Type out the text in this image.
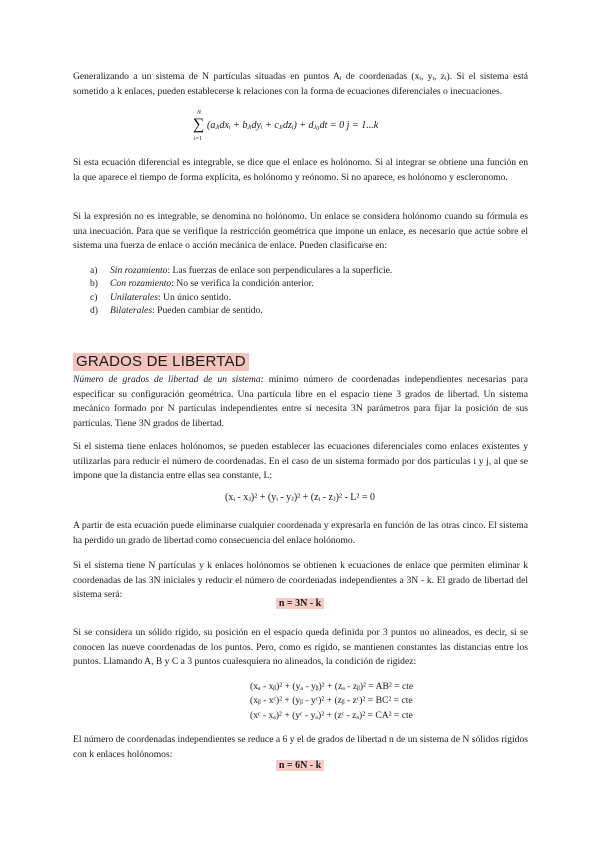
Generalizando a un sistema de N partículas situadas en puntos Aᵢ de coordenadas (xᵢ, yᵢ, zᵢ). Si el sistema está sometido a k enlaces, pueden establecerse k relaciones con la forma de ecuaciones diferenciales o inecuaciones.

N
∑
i=1
(aⱼᵢdxᵢ + bⱼᵢdyᵢ + cⱼᵢdzᵢ) + dⱼ₀dt = 0 j = 1...k

Si esta ecuación diferencial es integrable, se dice que el enlace es holónomo. Si al integrar se obtiene una función en la que aparece el tiempo de forma explícita, es holónomo y reónomo. Si no aparece, es holónomo y escleronomo.

Si la expresión no es integrable, se denomina no holónomo. Un enlace se considera holónomo cuando su fórmula es una inecuación. Para que se verifique la restricción geométrica que impone un enlace, es necesario que actúe sobre el sistema una fuerza de enlace o acción mecánica de enlace. Pueden clasificarse en:

a) Sin rozamiento: Las fuerzas de enlace son perpendiculares a la superficie.
b) Con rozamiento: No se verifica la condición anterior.
c) Unilaterales: Un único sentido.
d) Bilaterales: Pueden cambiar de sentido.
GRADOS DE LIBERTAD

Número de grados de libertad de un sistema: mínimo número de coordenadas independientes necesarias para especificar su configuración geométrica. Una partícula libre en el espacio tiene 3 grados de libertad. Un sistema mecánico formado por N partículas independientes entre sí necesita 3N parámetros para fijar la posición de sus partículas. Tiene 3N grados de libertad.

Si el sistema tiene enlaces holónomos, se pueden establecer las ecuaciones diferenciales como enlaces existentes y utilizarlas para reducir el número de coordenadas. En el caso de un sistema formado por dos partículas i y j, al que se impone que la distancia entre ellas sea constante, L:

(xᵢ - xⱼ)² + (yᵢ - yⱼ)² + (zᵢ - zⱼ)² - L² = 0

A partir de esta ecuación puede eliminarse cualquier coordenada y expresarla en función de las otras cinco. El sistema ha perdido un grado de libertad como consecuencia del enlace holónomo.

Si el sistema tiene N partículas y k enlaces holónomos se obtienen k ecuaciones de enlace que permiten eliminar k coordenadas de las 3N iniciales y reducir el número de coordenadas independientes a 3N - k. El grado de libertad del sistema será:

n = 3N - k

Si se considera un sólido rígido, su posición en el espacio queda definida por 3 puntos no alineados, es decir, si se conocen las nueve coordenadas de los puntos. Pero, como es rígido, se mantienen constantes las distancias entre los puntos. Llamando A, B y C a 3 puntos cualesquiera no alineados, la condición de rigidez:

(xₐ - xᵦ)² + (yₐ - yᵦ)² + (zₐ - zᵦ)² = AB² = cte
(xᵦ - xᶜ)² + (yᵦ - yᶜ)² + (zᵦ - zᶜ)² = BC² = cte
(xᶜ - xₐ)² + (yᶜ - yₐ)² + (zᶜ - zₐ)² = CA² = cte

El número de coordenadas independientes se reduce a 6 y el de grados de libertad n de un sistema de N sólidos rígidos con k enlaces holónomos:

n = 6N - k
